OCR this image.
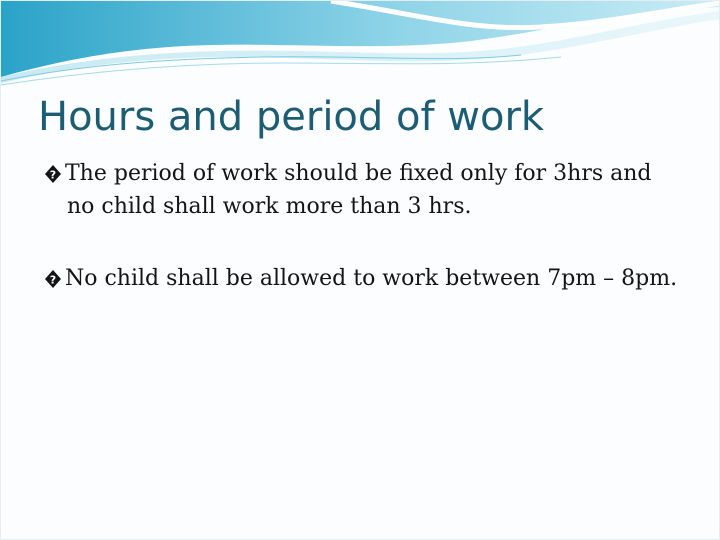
Hours and period of work
? The period of work should be fixed only for 3hrs and
no child shall work more than 3 hrs.
? No child shall be allowed to work between 7pm – 8pm.
